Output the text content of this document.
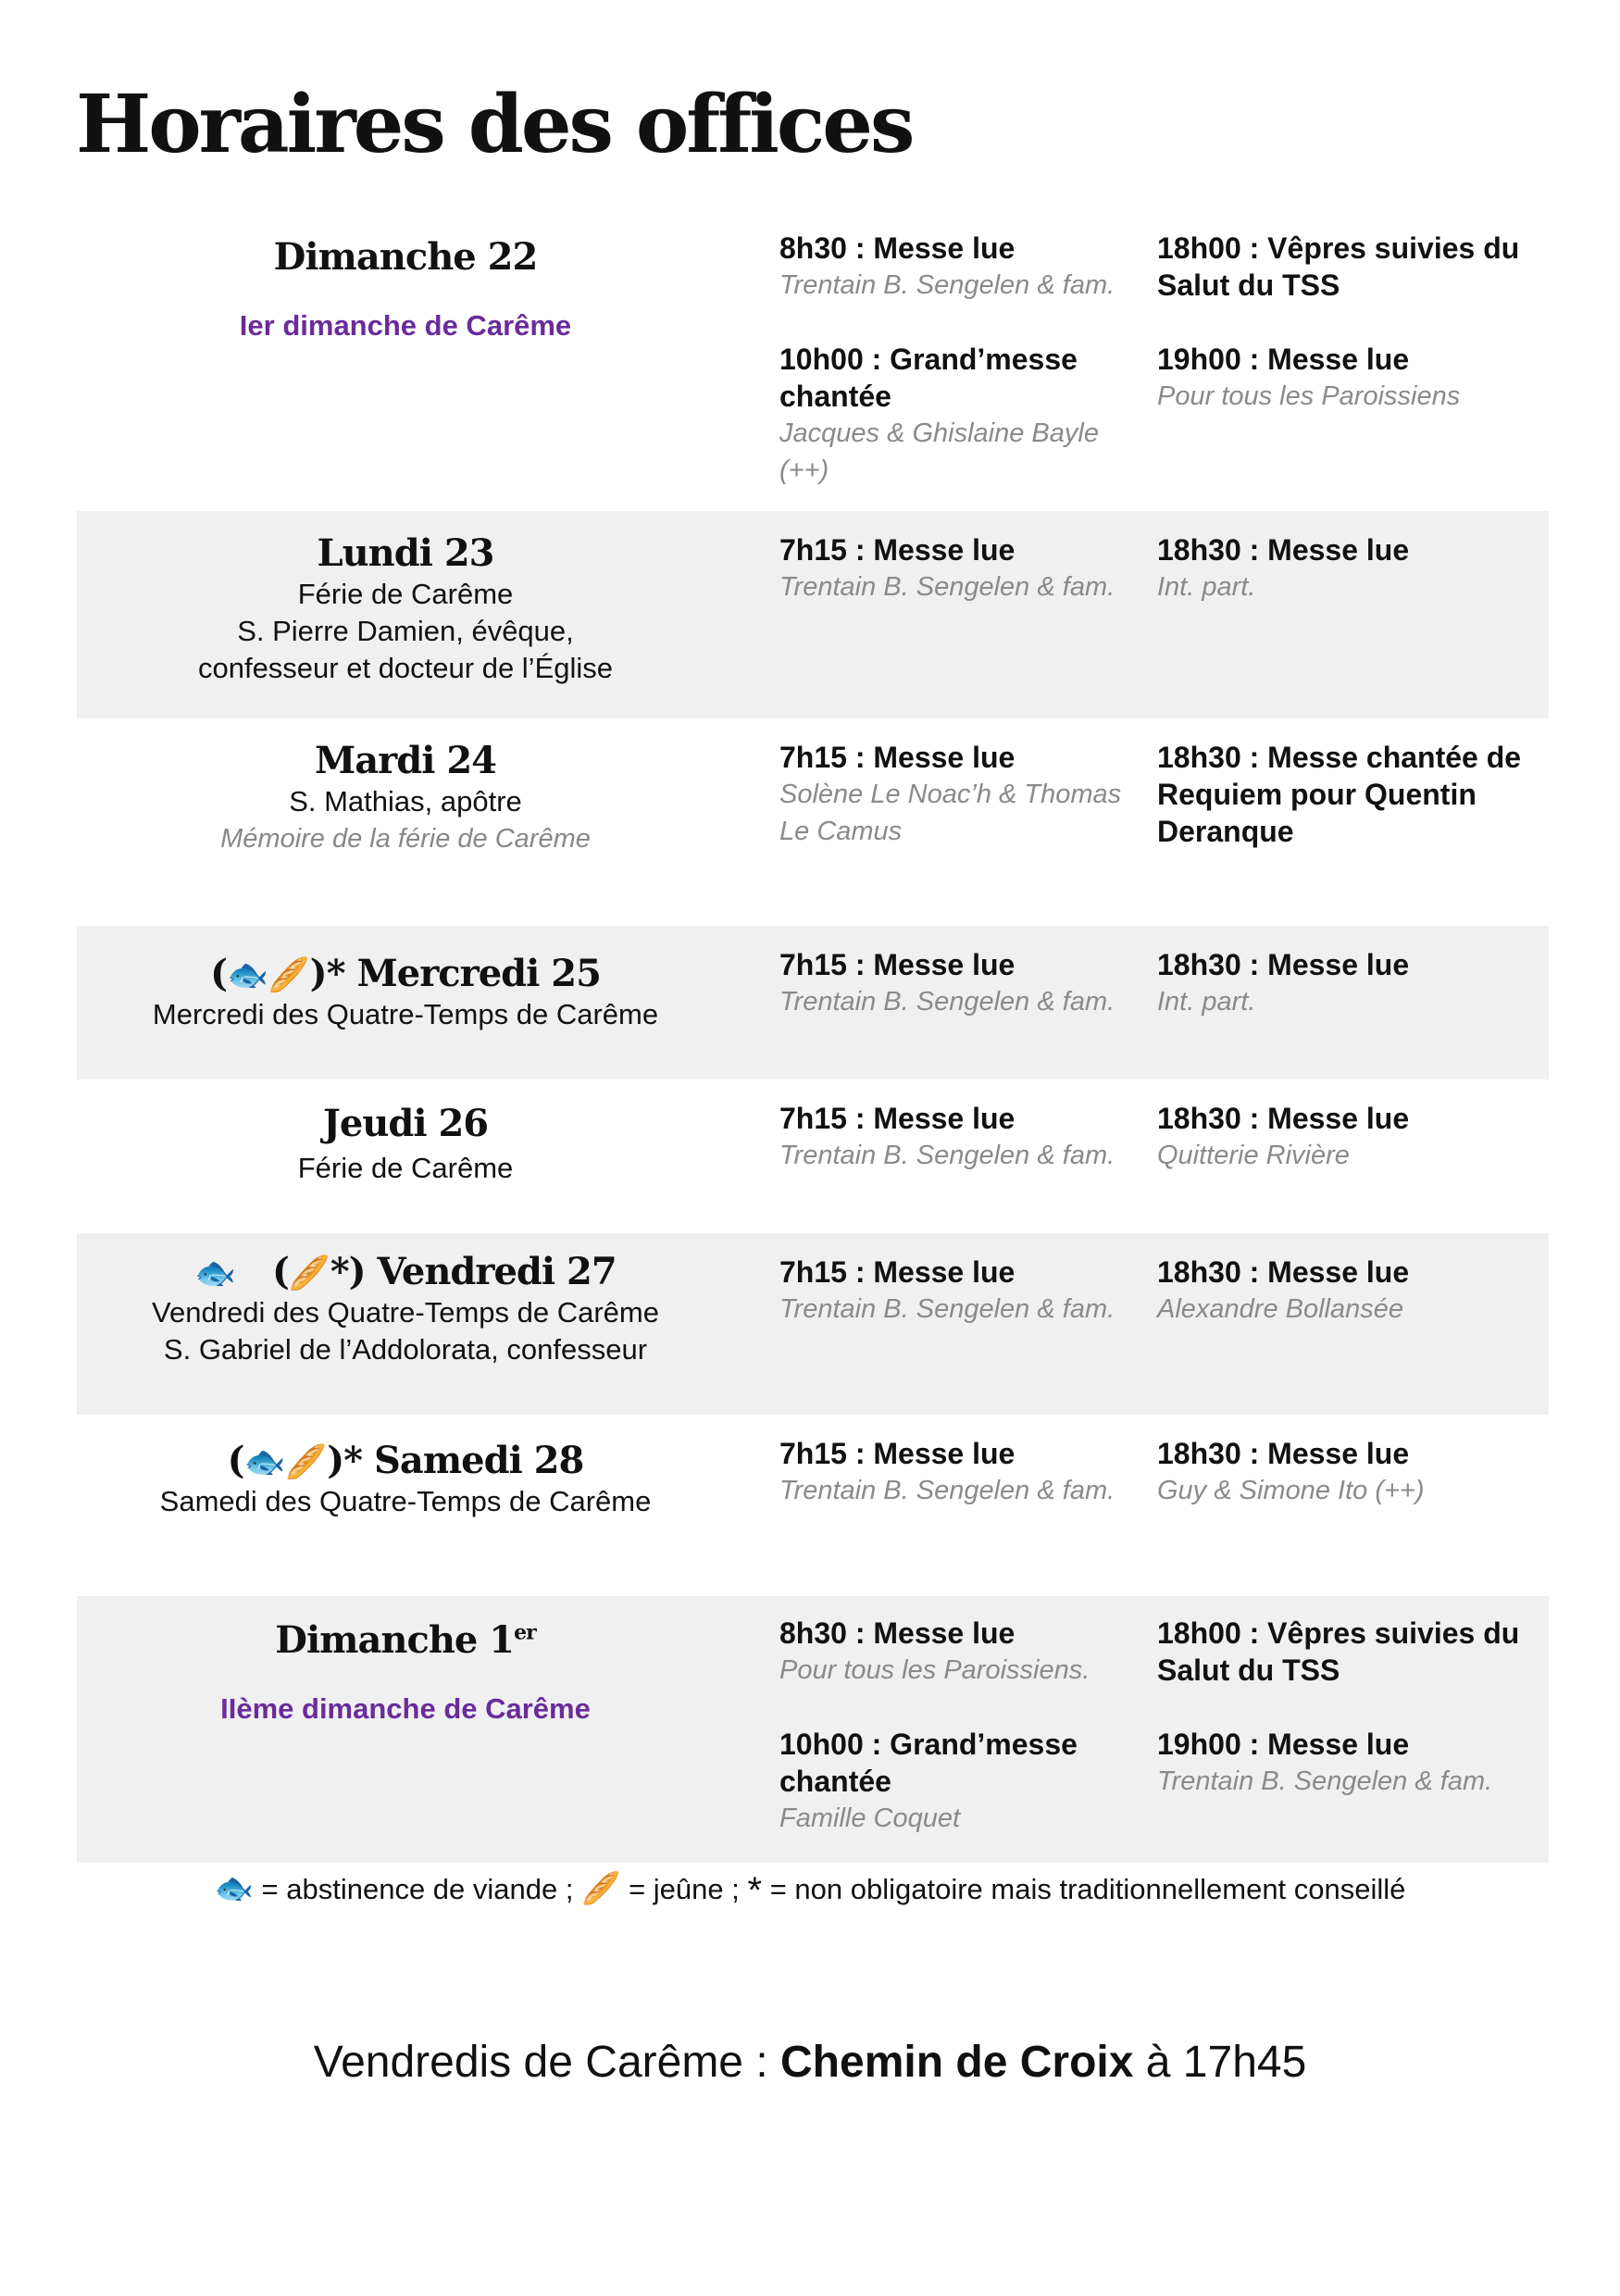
Horaires des offices
Dimanche 22
Ier dimanche de Carême
8h30 : Messe lue
Trentain B. Sengelen & fam.
10h00 : Grand’messe chantée
Jacques & Ghislaine Bayle (++)
18h00 : Vêpres suivies du Salut du TSS
19h00 : Messe lue
Pour tous les Paroissiens
Lundi 23
Férie de Carême
S. Pierre Damien, évêque, confesseur et docteur de l’Église
7h15 : Messe lue
Trentain B. Sengelen & fam.
18h30 : Messe lue
Int. part.
Mardi 24
S. Mathias, apôtre
Mémoire de la férie de Carême
7h15 : Messe lue
Solène Le Noac’h & Thomas Le Camus
18h30 : Messe chantée de Requiem pour Quentin Deranque
(🐟🥖)* Mercredi 25
Mercredi des Quatre-Temps de Carême
7h15 : Messe lue
Trentain B. Sengelen & fam.
18h30 : Messe lue
Int. part.
Jeudi 26
Férie de Carême
7h15 : Messe lue
Trentain B. Sengelen & fam.
18h30 : Messe lue
Quitterie Rivière
🐟 (🥖*) Vendredi 27
Vendredi des Quatre-Temps de Carême
S. Gabriel de l’Addolorata, confesseur
7h15 : Messe lue
Trentain B. Sengelen & fam.
18h30 : Messe lue
Alexandre Bollansée
(🐟🥖)* Samedi 28
Samedi des Quatre-Temps de Carême
7h15 : Messe lue
Trentain B. Sengelen & fam.
18h30 : Messe lue
Guy & Simone Ito (++)
Dimanche 1er
IIème dimanche de Carême
8h30 : Messe lue
Pour tous les Paroissiens.
10h00 : Grand’messe chantée
Famille Coquet
18h00 : Vêpres suivies du Salut du TSS
19h00 : Messe lue
Trentain B. Sengelen & fam.
🐟 = abstinence de viande ; 🥖 = jeûne ; * = non obligatoire mais traditionnellement conseillé
Vendredis de Carême : Chemin de Croix à 17h45
